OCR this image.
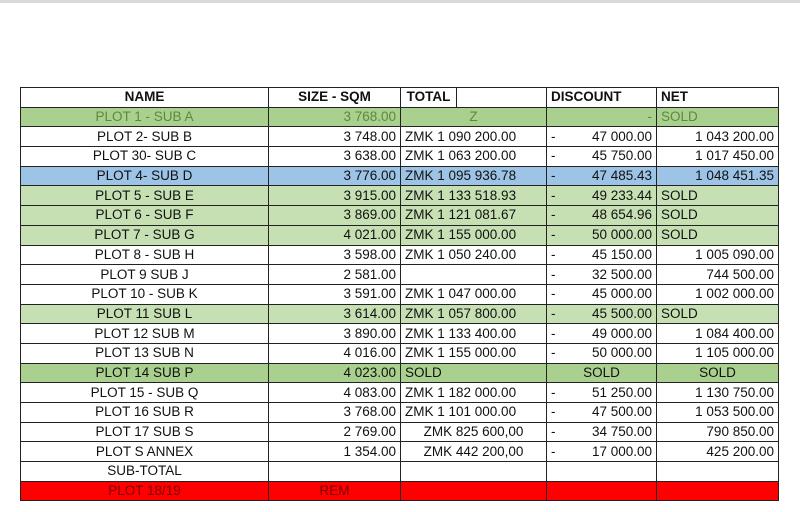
NAME	SIZE - SQM	TOTAL		DISCOUNT	NET
PLOT 1 - SUB A	3 768.00	Z		-	SOLD
PLOT 2- SUB B	3 748.00	ZMK 1 090 200.00		- 47 000.00	1 043 200.00
PLOT 30- SUB C	3 638.00	ZMK 1 063 200.00		- 45 750.00	1 017 450.00
PLOT 4- SUB D	3 776.00	ZMK 1 095 936.78		- 47 485.43	1 048 451.35
PLOT 5 - SUB E	3 915.00	ZMK 1 133 518.93		- 49 233.44	SOLD
PLOT 6 - SUB F	3 869.00	ZMK 1 121 081.67		- 48 654.96	SOLD
PLOT 7 - SUB G	4 021.00	ZMK 1 155 000.00		- 50 000.00	SOLD
PLOT 8 - SUB H	3 598.00	ZMK 1 050 240.00		- 45 150.00	1 005 090.00
PLOT 9 SUB J	2 581.00			- 32 500.00	744 500.00
PLOT 10 - SUB K	3 591.00	ZMK 1 047 000.00		- 45 000.00	1 002 000.00
PLOT 11 SUB L	3 614.00	ZMK 1 057 800.00		- 45 500.00	SOLD
PLOT 12 SUB M	3 890.00	ZMK 1 133 400.00		- 49 000.00	1 084 400.00
PLOT 13 SUB N	4 016.00	ZMK 1 155 000.00		- 50 000.00	1 105 000.00
PLOT 14 SUB P	4 023.00	SOLD		SOLD	SOLD
PLOT 15 - SUB Q	4 083.00	ZMK 1 182 000.00		- 51 250.00	1 130 750.00
PLOT 16 SUB R	3 768.00	ZMK 1 101 000.00		- 47 500.00	1 053 500.00
PLOT 17 SUB S	2 769.00	ZMK 825 600,00		- 34 750.00	790 850.00
PLOT S ANNEX	1 354.00	ZMK 442 200,00		- 17 000.00	425 200.00
SUB-TOTAL					
PLOT 18/19	REM				
